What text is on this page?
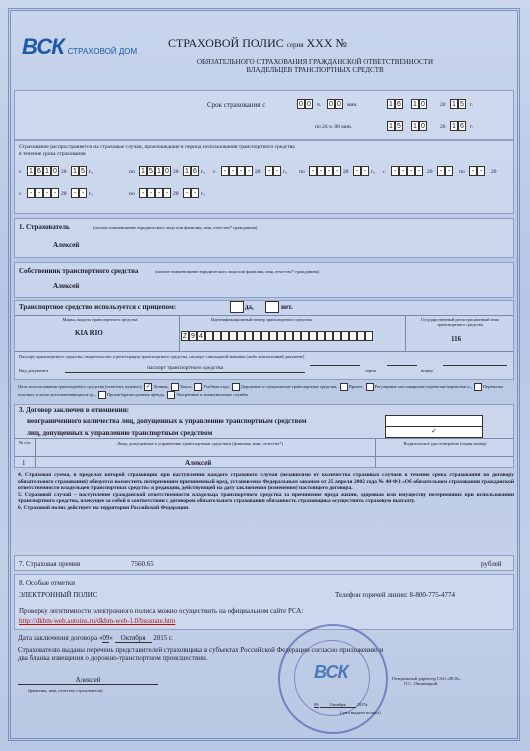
ВСК СТРАХОВОЙ ДОМ
СТРАХОВОЙ ПОЛИС серия ХХХ №
ОБЯЗАТЕЛЬНОГО СТРАХОВАНИЯ ГРАЖДАНСКОЙ ОТВЕТСТВЕННОСТИ
ВЛАДЕЛЬЦЕВ ТРАНСПОРТНЫХ СРЕДСТВ
Срок страхования с	0 0	ч. 0 0	мин.	1 6 1 0	20 1 5	г.
по 24 ч. 00 мин.	1 5 1 0	20 1 6	г.
Страхование распространяется на страховые случаи, произошедшие в период использования транспортного средства
в течение срока страхования
с 1 6 1 0 20 1 5 г.,	по 1 5 1 0 20 1 6 г., с	- - - - 20	- - г., по	- - - - 20	- - г., с	- - - -	20	- -	по	- -	20
с	- - - - 20	- - г.,	по	- - - - 20	- - г.,
1. Страхователь	(полное наименование юридического лица или фамилия, имя, отчество* гражданина)
Алексей
Собственник транспортного средства	(полное наименование юридического лица или фамилия, имя, отчество* гражданина)
Алексей
Транспортное средство используется с прицепом:	да,	нет.
Марка, модель транспортного средства
KIA RIO
Идентификационный номер транспортного средства
Z 9 4
Государственный регистрационный знак транспортного средства
116
Паспорт транспортного средства, свидетельство о регистрации транспортного средства, паспорт самоходной машины (либо аналогичный документ)
Вид документа	паспорт транспортного средства	серия	номер
Цель использования транспортного средства (отметить нужное): ✓ Личная, Такси, Учебная езда, Дорожные и специальные транспортные средства, Прочее, Регулярные пассажирские перевозки/перевозки п., Перевозка опасных и легко воспламеняющихся гр., Прокат/краткосрочная аренда, Экстренные и коммунальные службы.
3. Договор заключен в отношении:
неограниченного количества лиц, допущенных к управлению транспортным средством
лиц, допущенных к управлению транспортным средством	✓
№ п/п	Лица, допущенные к управлению транспортным средством (фамилия, имя, отчество*)	Водительское удостоверение (серия номер)
1	Алексей
4. Страховая сумма, в пределах которой страховщик при наступлении каждого страхового случая (независимо от количества страховых случаев в течение срока страхования по договору обязательного страхования) обязуется возместить потерпевшим причиненный вред, установлена Федеральным законом от 25 апреля 2002 года № 40-ФЗ «Об обязательном страховании гражданской ответственности владельцев транспортных средств» в редакции, действующей на дату заключения (изменения) настоящего договора.
5. Страховой случай – наступление гражданской ответственности владельца транспортного средства за причинение вреда жизни, здоровью или имуществу потерпевших при использовании транспортного средства, влекущее за собой в соответствии с договором обязательного страхования обязанность страховщика осуществить страховую выплату.
6. Страховой полис действует на территории Российской Федерации.
7. Страховая премия	7560.65	рублей
8. Особые отметки
ЭЛЕКТРОННЫЙ ПОЛИС	Телефон горячей линии: 8-800-775-4774
Проверку легитимности электронного полиса можно осуществить на официальном сайте РСА:
http://dkbm-web.autoins.ru/dkbm-web-1.0/bsostate.htm
Дата заключения договора «09» Октября 2015 г.
Страхователю выданы перечень представителей страховщика в субъектах Российской Федерации согласно приложению и два бланка извещения о дорожно-транспортном происшествии.
Алексей
(фамилия, имя, отчество страхователя)
ВСК	Генеральный директор САО «ВСК»
О.С. Овсяницкий
09 Октября 2015г.
(дата выдачи полиса)
